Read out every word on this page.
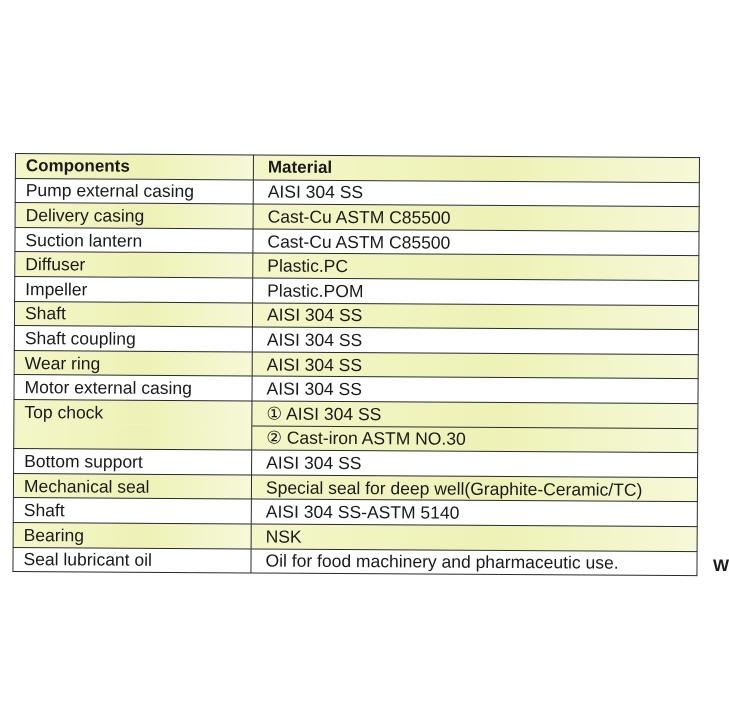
Components	Material
Pump external casing	AISI 304 SS
Delivery casing	Cast-Cu ASTM C85500
Suction lantern	Cast-Cu ASTM C85500
Diffuser	Plastic.PC
Impeller	Plastic.POM
Shaft	AISI 304 SS
Shaft coupling	AISI 304 SS
Wear ring	AISI 304 SS
Motor external casing	AISI 304 SS
Top chock	① AISI 304 SS
	② Cast-iron ASTM NO.30
Bottom support	AISI 304 SS
Mechanical seal	Special seal for deep well(Graphite-Ceramic/TC)
Shaft	AISI 304 SS-ASTM 5140
Bearing	NSK
Seal lubricant oil	Oil for food machinery and pharmaceutic use.	W
